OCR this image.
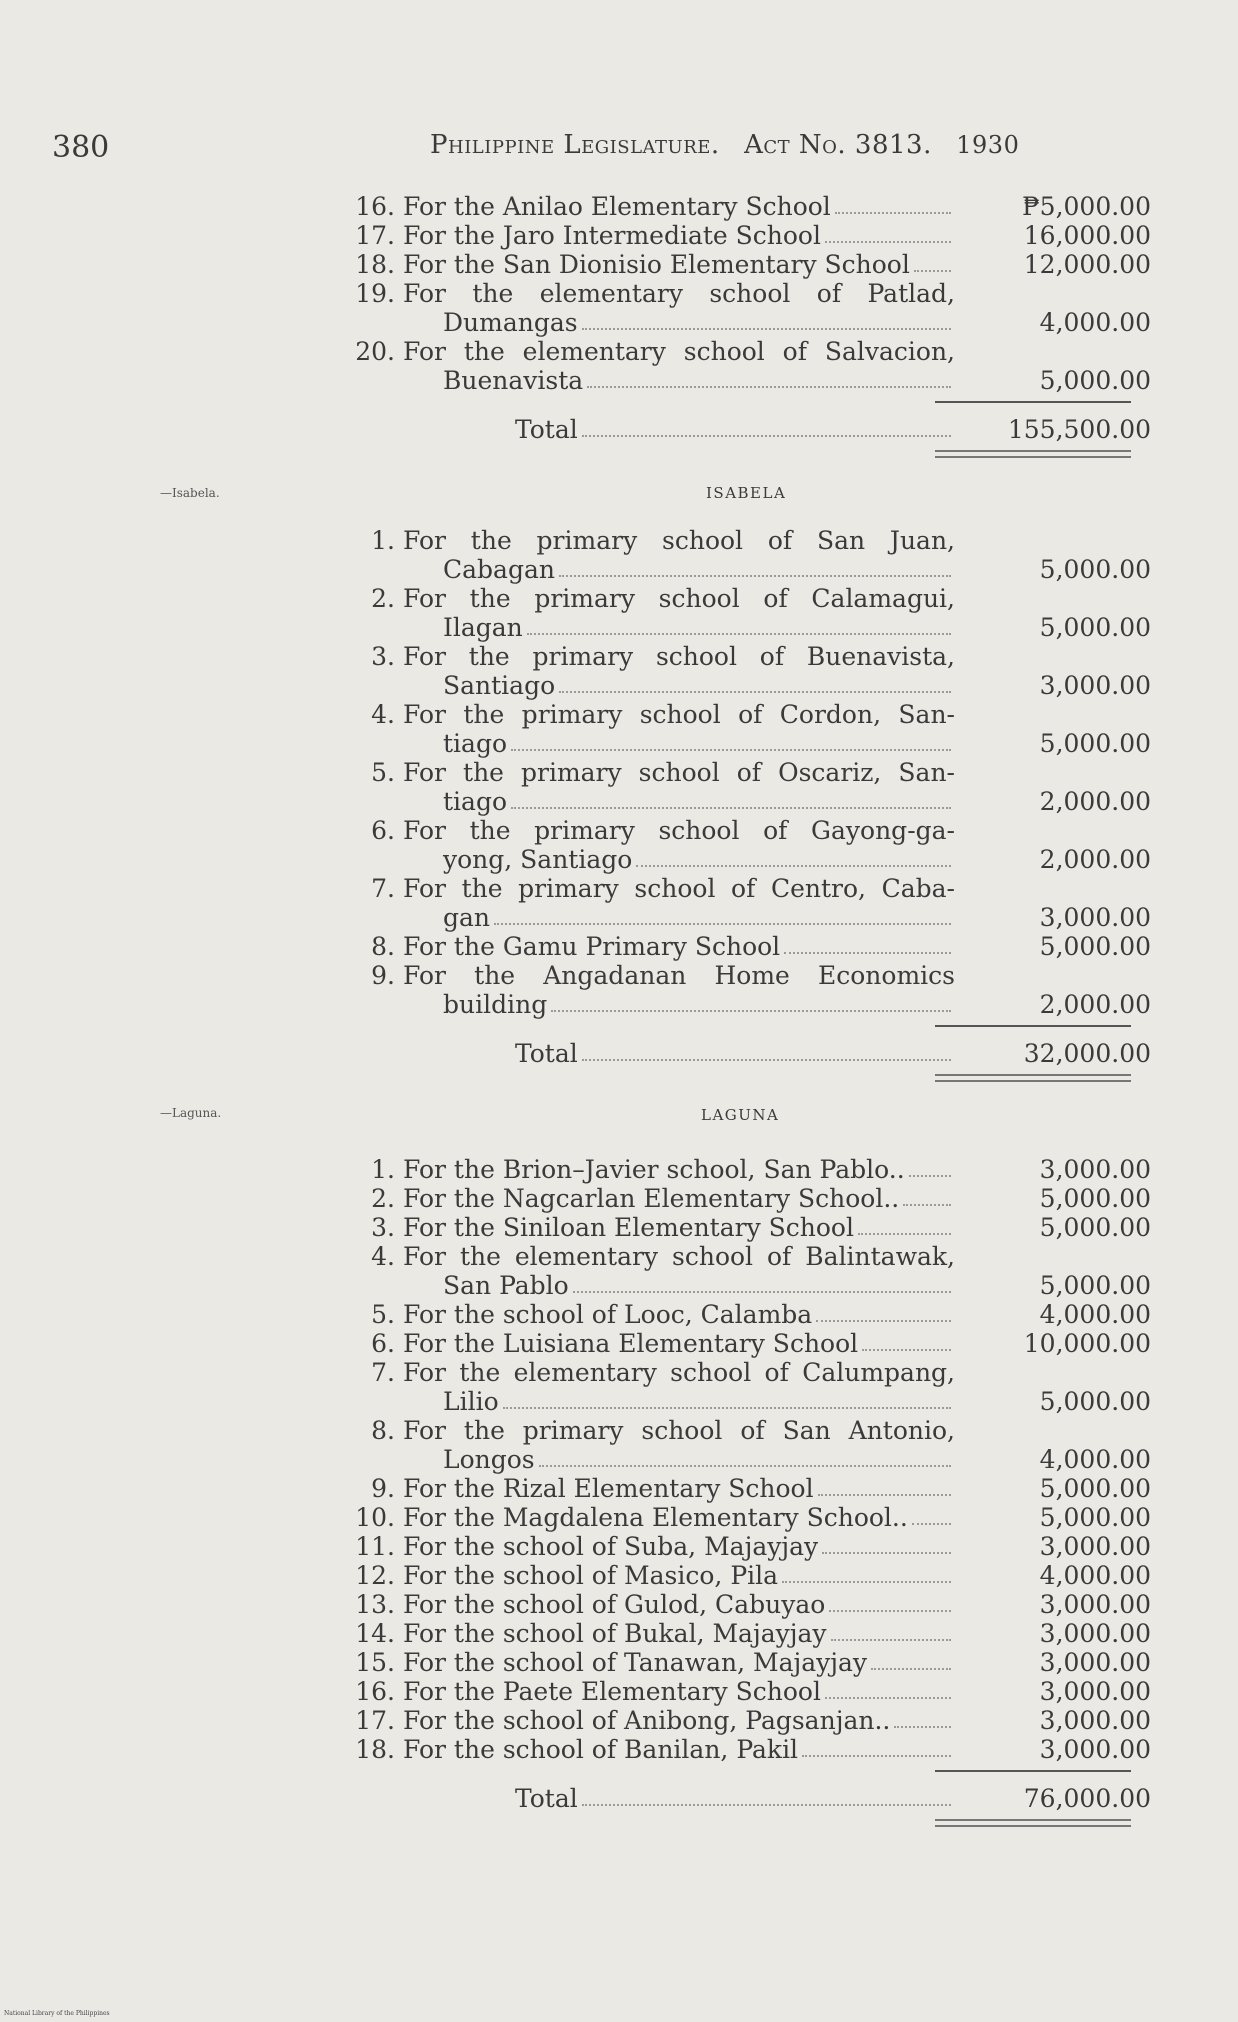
380	Philippine Legislature. Act No. 3813. 1930
16. For the Anilao Elementary School	₱5,000.00
17. For the Jaro Intermediate School	16,000.00
18. For the San Dionisio Elementary School	12,000.00
19. For the elementary school of Patlad,
Dumangas	4,000.00
20. For the elementary school of Salvacion,
Buenavista	5,000.00
Total	155,500.00
—Isabela.	ISABELA
1. For the primary school of San Juan,
Cabagan	5,000.00
2. For the primary school of Calamagui,
Ilagan	5,000.00
3. For the primary school of Buenavista,
Santiago	3,000.00
4. For the primary school of Cordon, San-
tiago	5,000.00
5. For the primary school of Oscariz, San-
tiago	2,000.00
6. For the primary school of Gayong-ga-
yong, Santiago	2,000.00
7. For the primary school of Centro, Caba-
gan	3,000.00
8. For the Gamu Primary School	5,000.00
9. For the Angadanan Home Economics
building	2,000.00
Total	32,000.00
—Laguna.	LAGUNA
1. For the Brion–Javier school, San Pablo..	3,000.00
2. For the Nagcarlan Elementary School..	5,000.00
3. For the Siniloan Elementary School	5,000.00
4. For the elementary school of Balintawak,
San Pablo	5,000.00
5. For the school of Looc, Calamba	4,000.00
6. For the Luisiana Elementary School	10,000.00
7. For the elementary school of Calumpang,
Lilio	5,000.00
8. For the primary school of San Antonio,
Longos	4,000.00
9. For the Rizal Elementary School	5,000.00
10. For the Magdalena Elementary School..	5,000.00
11. For the school of Suba, Majayjay	3,000.00
12. For the school of Masico, Pila	4,000.00
13. For the school of Gulod, Cabuyao	3,000.00
14. For the school of Bukal, Majayjay	3,000.00
15. For the school of Tanawan, Majayjay	3,000.00
16. For the Paete Elementary School	3,000.00
17. For the school of Anibong, Pagsanjan..	3,000.00
18. For the school of Banilan, Pakil	3,000.00
Total	76,000.00
National Library of the Philippines
